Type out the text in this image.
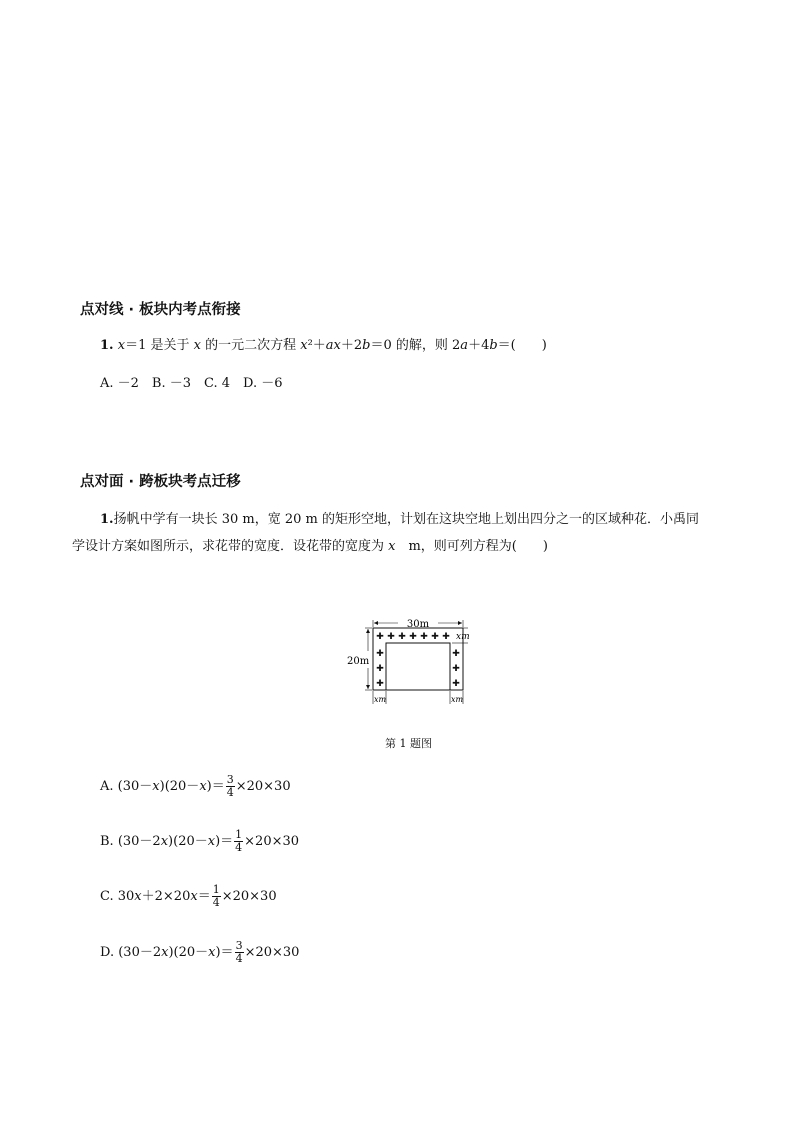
点对线 · 板块内考点衔接
1. x＝1 是关于 x 的一元二次方程 x²＋ax＋2b＝0 的解，则 2a＋4b＝(　　)
A. －2　B. －3　C. 4　D. －6
点对面 · 跨板块考点迁移
1.扬帆中学有一块长 30 m，宽 20 m 的矩形空地，计划在这块空地上划出四分之一的区域种花．小禹同
学设计方案如图所示，求花带的宽度．设花带的宽度为 x　m，则可列方程为(　　)
30m
20m
xm
xm	xm
✚ ✚ ✚ ✚ ✚ ✚ ✚
✚
✚
✚
✚
✚
✚
第 1 题图
A. $(30-x)(20-x)= \frac{3}{4} \times 20\times 30$
B. $(30-2x)(20-x)= \frac{1}{4} \times 20\times 30$
C. $30x+2\times 20x= \frac{1}{4} \times 20\times 30$
D. $(30-2x)(20-x)= \frac{3}{4} \times 20\times 30$
